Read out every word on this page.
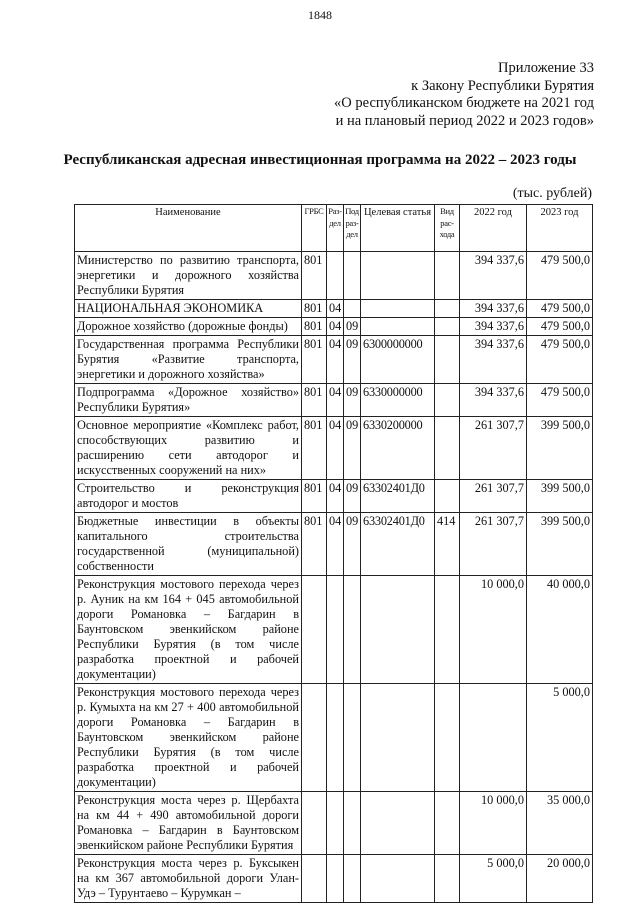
1848
Приложение 33
к Закону Республики Бурятия
«О республиканском бюджете на 2021 год
и на плановый период 2022 и 2023 годов»
Республиканская адресная инвестиционная программа на 2022 – 2023 годы
(тыс. рублей)
Наименование	ГРБС	Раз-дел	Под раз-дел	Целевая статья	Вид рас-хода	2022 год	2023 год
Министерство по развитию транспорта, энергетики и дорожного хозяйства Республики Бурятия	801					394 337,6	479 500,0
НАЦИОНАЛЬНАЯ ЭКОНОМИКА	801	04				394 337,6	479 500,0
Дорожное хозяйство (дорожные фонды)	801	04	09			394 337,6	479 500,0
Государственная программа Республики Бурятия «Развитие транспорта, энергетики и дорожного хозяйства»	801	04	09	6300000000		394 337,6	479 500,0
Подпрограмма «Дорожное хозяйство» Республики Бурятия»	801	04	09	6330000000		394 337,6	479 500,0
Основное мероприятие «Комплекс работ, способствующих развитию и расширению сети автодорог и искусственных сооружений на них»	801	04	09	6330200000		261 307,7	399 500,0
Строительство и реконструкция автодорог и мостов	801	04	09	63302401Д0		261 307,7	399 500,0
Бюджетные инвестиции в объекты капитального строительства государственной (муниципальной) собственности	801	04	09	63302401Д0	414	261 307,7	399 500,0
Реконструкция мостового перехода через р. Ауник на км 164 + 045 автомобильной дороги Романовка – Багдарин в Баунтовском эвенкийском районе Республики Бурятия (в том числе разработка проектной и рабочей документации)						10 000,0	40 000,0
Реконструкция мостового перехода через р. Кумыхта на км 27 + 400 автомобильной дороги Романовка – Багдарин в Баунтовском эвенкийском районе Республики Бурятия (в том числе разработка проектной и рабочей документации)							5 000,0
Реконструкция моста через р. Щербахта на км 44 + 490 автомобильной дороги Романовка – Багдарин в Баунтовском эвенкийском районе Республики Бурятия						10 000,0	35 000,0
Реконструкция моста через р. Буксыкен на км 367 автомобильной дороги Улан-Удэ – Турунтаево – Курумкан –						5 000,0	20 000,0
